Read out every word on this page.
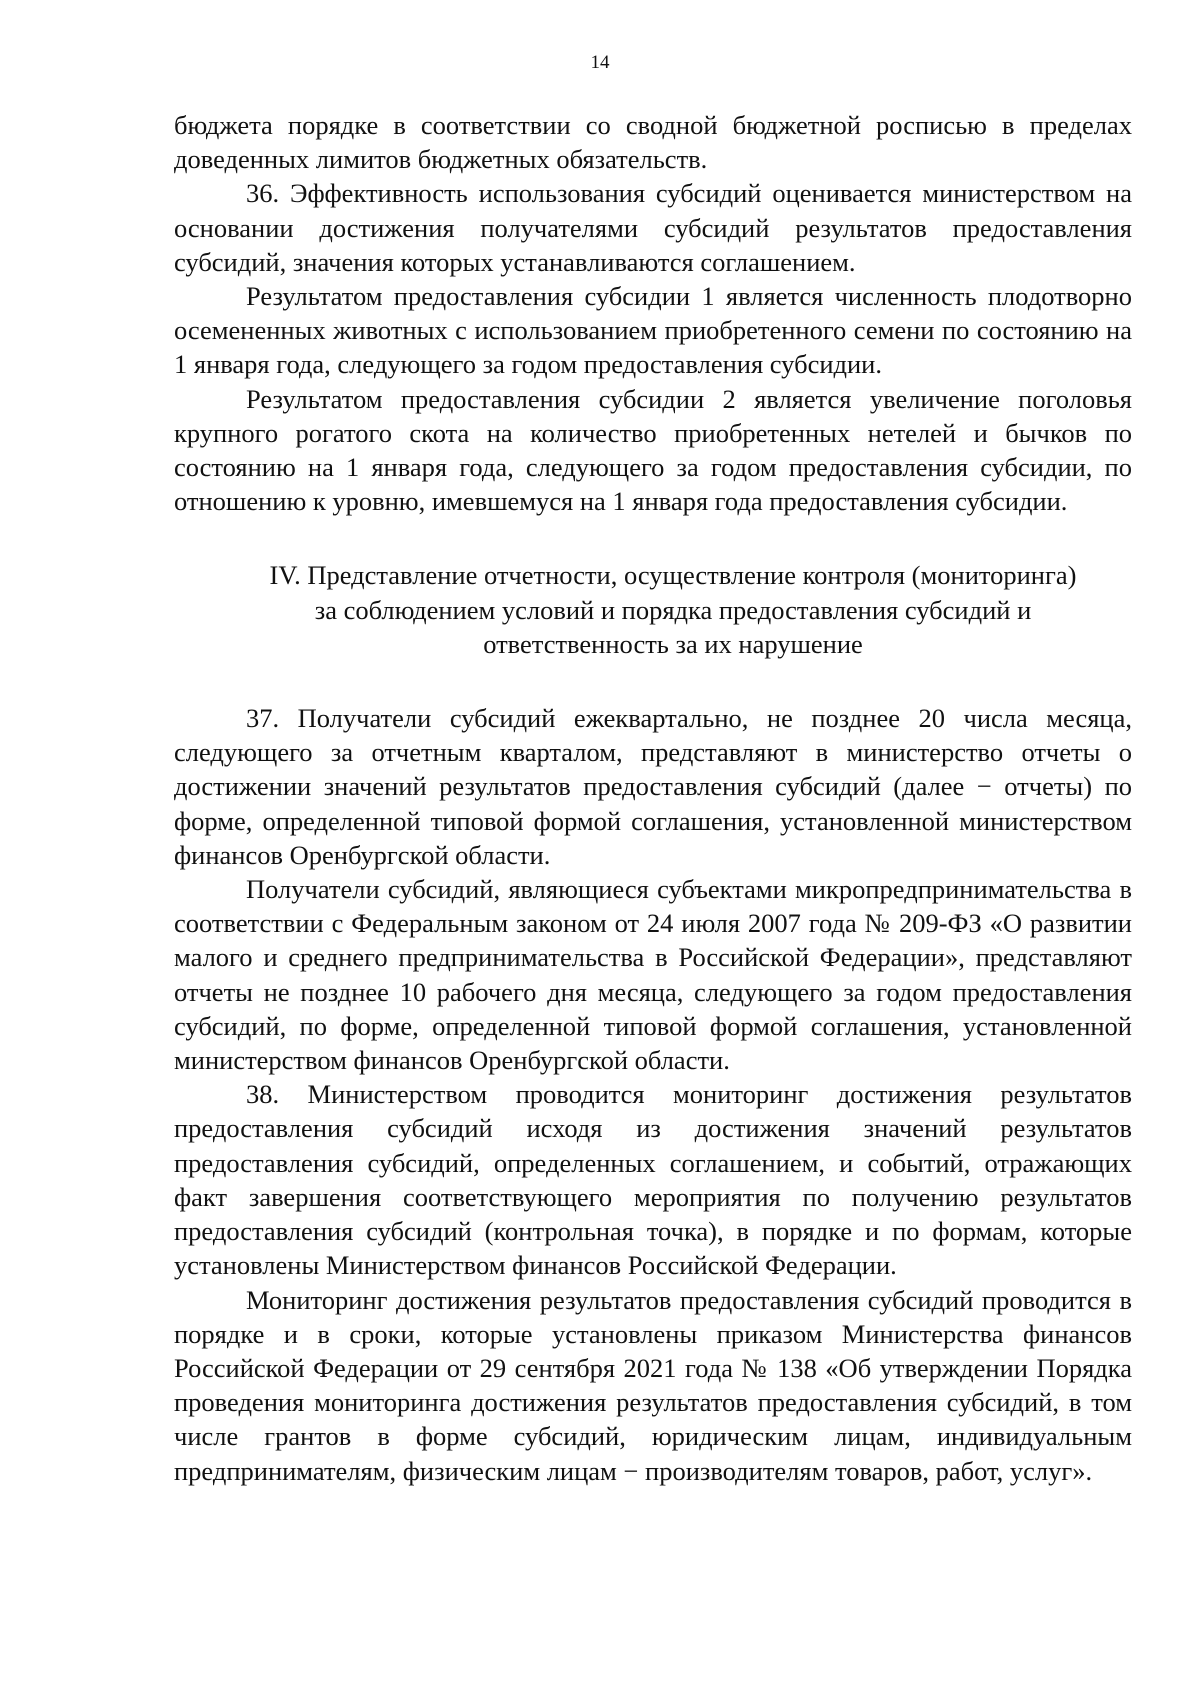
14

бюджета порядке в соответствии со сводной бюджетной росписью в пределах доведенных лимитов бюджетных обязательств.

36. Эффективность использования субсидий оценивается министерством на основании достижения получателями субсидий результатов предоставления субсидий, значения которых устанавливаются соглашением.

Результатом предоставления субсидии 1 является численность плодотворно осемененных животных с использованием приобретенного семени по состоянию на 1 января года, следующего за годом предоставления субсидии.

Результатом предоставления субсидии 2 является увеличение поголовья крупного рогатого скота на количество приобретенных нетелей и бычков по состоянию на 1 января года, следующего за годом предоставления субсидии, по отношению к уровню, имевшемуся на 1 января года предоставления субсидии.

IV. Представление отчетности, осуществление контроля (мониторинга)
за соблюдением условий и порядка предоставления субсидий и
ответственность за их нарушение

37. Получатели субсидий ежеквартально, не позднее 20 числа месяца, следующего за отчетным кварталом, представляют в министерство отчеты о достижении значений результатов предоставления субсидий (далее − отчеты) по форме, определенной типовой формой соглашения, установленной министерством финансов Оренбургской области.

Получатели субсидий, являющиеся субъектами микропредпринимательства в соответствии с Федеральным законом от 24 июля 2007 года № 209-ФЗ «О развитии малого и среднего предпринимательства в Российской Федерации», представляют отчеты не позднее 10 рабочего дня месяца, следующего за годом предоставления субсидий, по форме, определенной типовой формой соглашения, установленной министерством финансов Оренбургской области.

38. Министерством проводится мониторинг достижения результатов предоставления субсидий исходя из достижения значений результатов предоставления субсидий, определенных соглашением, и событий, отражающих факт завершения соответствующего мероприятия по получению результатов предоставления субсидий (контрольная точка), в порядке и по формам, которые установлены Министерством финансов Российской Федерации.

Мониторинг достижения результатов предоставления субсидий проводится в порядке и в сроки, которые установлены приказом Министерства финансов Российской Федерации от 29 сентября 2021 года № 138 «Об утверждении Порядка проведения мониторинга достижения результатов предоставления субсидий, в том числе грантов в форме субсидий, юридическим лицам, индивидуальным предпринимателям, физическим лицам − производителям товаров, работ, услуг».
